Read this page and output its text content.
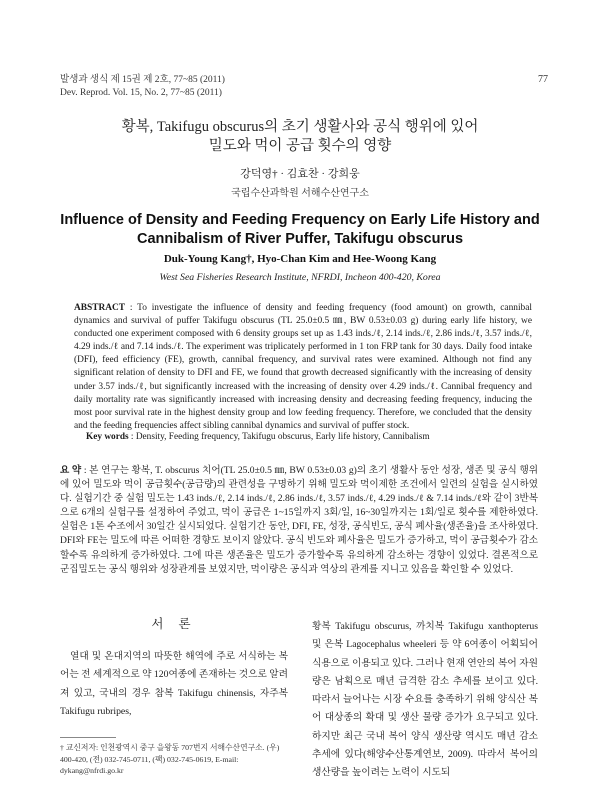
발생과 생식 제 15권 제 2호, 77~85 (2011)
Dev. Reprod. Vol. 15, No. 2, 77~85 (2011)
77
황복, Takifugu obscurus의 초기 생활사와 공식 행위에 있어
밀도와 먹이 공급 횟수의 영향
강덕영† · 김효찬 · 강희웅
국립수산과학원 서해수산연구소
Influence of Density and Feeding Frequency on Early Life History and
Cannibalism of River Puffer, Takifugu obscurus
Duk-Young Kang†, Hyo-Chan Kim and Hee-Woong Kang
West Sea Fisheries Research Institute, NFRDI, Incheon 400-420, Korea
ABSTRACT : To investigate the influence of density and feeding frequency (food amount) on growth, cannibal dynamics and survival of puffer Takifugu obscurus (TL 25.0±0.5 ㎜, BW 0.53±0.03 g) during early life history, we conducted one experiment composed with 6 density groups set up as 1.43 inds./ℓ, 2.14 inds./ℓ, 2.86 inds./ℓ, 3.57 inds./ℓ, 4.29 inds./ℓ and 7.14 inds./ℓ. The experiment was triplicately performed in 1 ton FRP tank for 30 days. Daily food intake (DFI), feed efficiency (FE), growth, cannibal frequency, and survival rates were examined. Although not find any significant relation of density to DFI and FE, we found that growth decreased significantly with the increasing of density under 3.57 inds./ℓ, but significantly increased with the increasing of density over 4.29 inds./ℓ. Cannibal frequency and daily mortality rate was significantly increased with increasing density and decreasing feeding frequency, inducing the most poor survival rate in the highest density group and low feeding frequency. Therefore, we concluded that the density and the feeding frequencies affect sibling cannibal dynamics and survival of puffer stock.
Key words : Density, Feeding frequency, Takifugu obscurus, Early life history, Cannibalism
요 약 : 본 연구는 황복, T. obscurus 치어(TL 25.0±0.5 ㎜, BW 0.53±0.03 g)의 초기 생활사 동안 성장, 생존 및 공식 행위에 있어 밀도와 먹이 공급횟수(공급량)의 관련성을 구명하기 위해 밀도와 먹이제한 조건에서 일련의 실험을 실시하였다. 실험기간 중 실험 밀도는 1.43 inds./ℓ, 2.14 inds./ℓ, 2.86 inds./ℓ, 3.57 inds./ℓ, 4.29 inds./ℓ & 7.14 inds./ℓ와 같이 3반복으로 6개의 실험구를 설정하여 주었고, 먹이 공급은 1~15일까지 3회/일, 16~30일까지는 1회/일로 횟수를 제한하였다. 실험은 1톤 수조에서 30일간 실시되었다. 실험기간 동안, DFI, FE, 성장, 공식빈도, 공식 폐사율(생존율)을 조사하였다. DFI와 FE는 밀도에 따른 어떠한 경향도 보이지 않았다. 공식 빈도와 폐사율은 밀도가 증가하고, 먹이 공급횟수가 감소할수록 유의하게 증가하였다. 그에 따른 생존율은 밀도가 증가할수록 유의하게 감소하는 경향이 있었다. 결론적으로 군집밀도는 공식 행위와 성장관계를 보였지만, 먹이량은 공식과 역상의 관계를 지니고 있음을 확인할 수 있었다.
서 론
열대 및 온대지역의 따뜻한 해역에 주로 서식하는 복어는 전 세계적으로 약 120여종에 존재하는 것으로 알려져 있고, 국내의 경우 참복 Takifugu chinensis, 자주복 Takifugu rubripes,
† 교신저자: 인천광역시 중구 을왕동 707번지 서해수산연구소. (우) 400-420, (전) 032-745-0711, (팩) 032-745-0619, E-mail: dykang@nfrdi.go.kr
황복 Takifugu obscurus, 까치복 Takifugu xanthopterus 및 은복 Lagocephalus wheeleri 등 약 6여종이 어획되어 식용으로 이용되고 있다. 그러나 현재 연안의 복어 자원량은 남획으로 매년 급격한 감소 추세를 보이고 있다. 따라서 늘어나는 시장 수요를 충족하기 위해 양식산 복어 대상종의 확대 및 생산 물량 증가가 요구되고 있다. 하지만 최근 국내 복어 양식 생산량 역시도 매년 감소 추세에 있다(해양수산통계연보, 2009). 따라서 복어의 생산량을 높이려는 노력이 시도되
